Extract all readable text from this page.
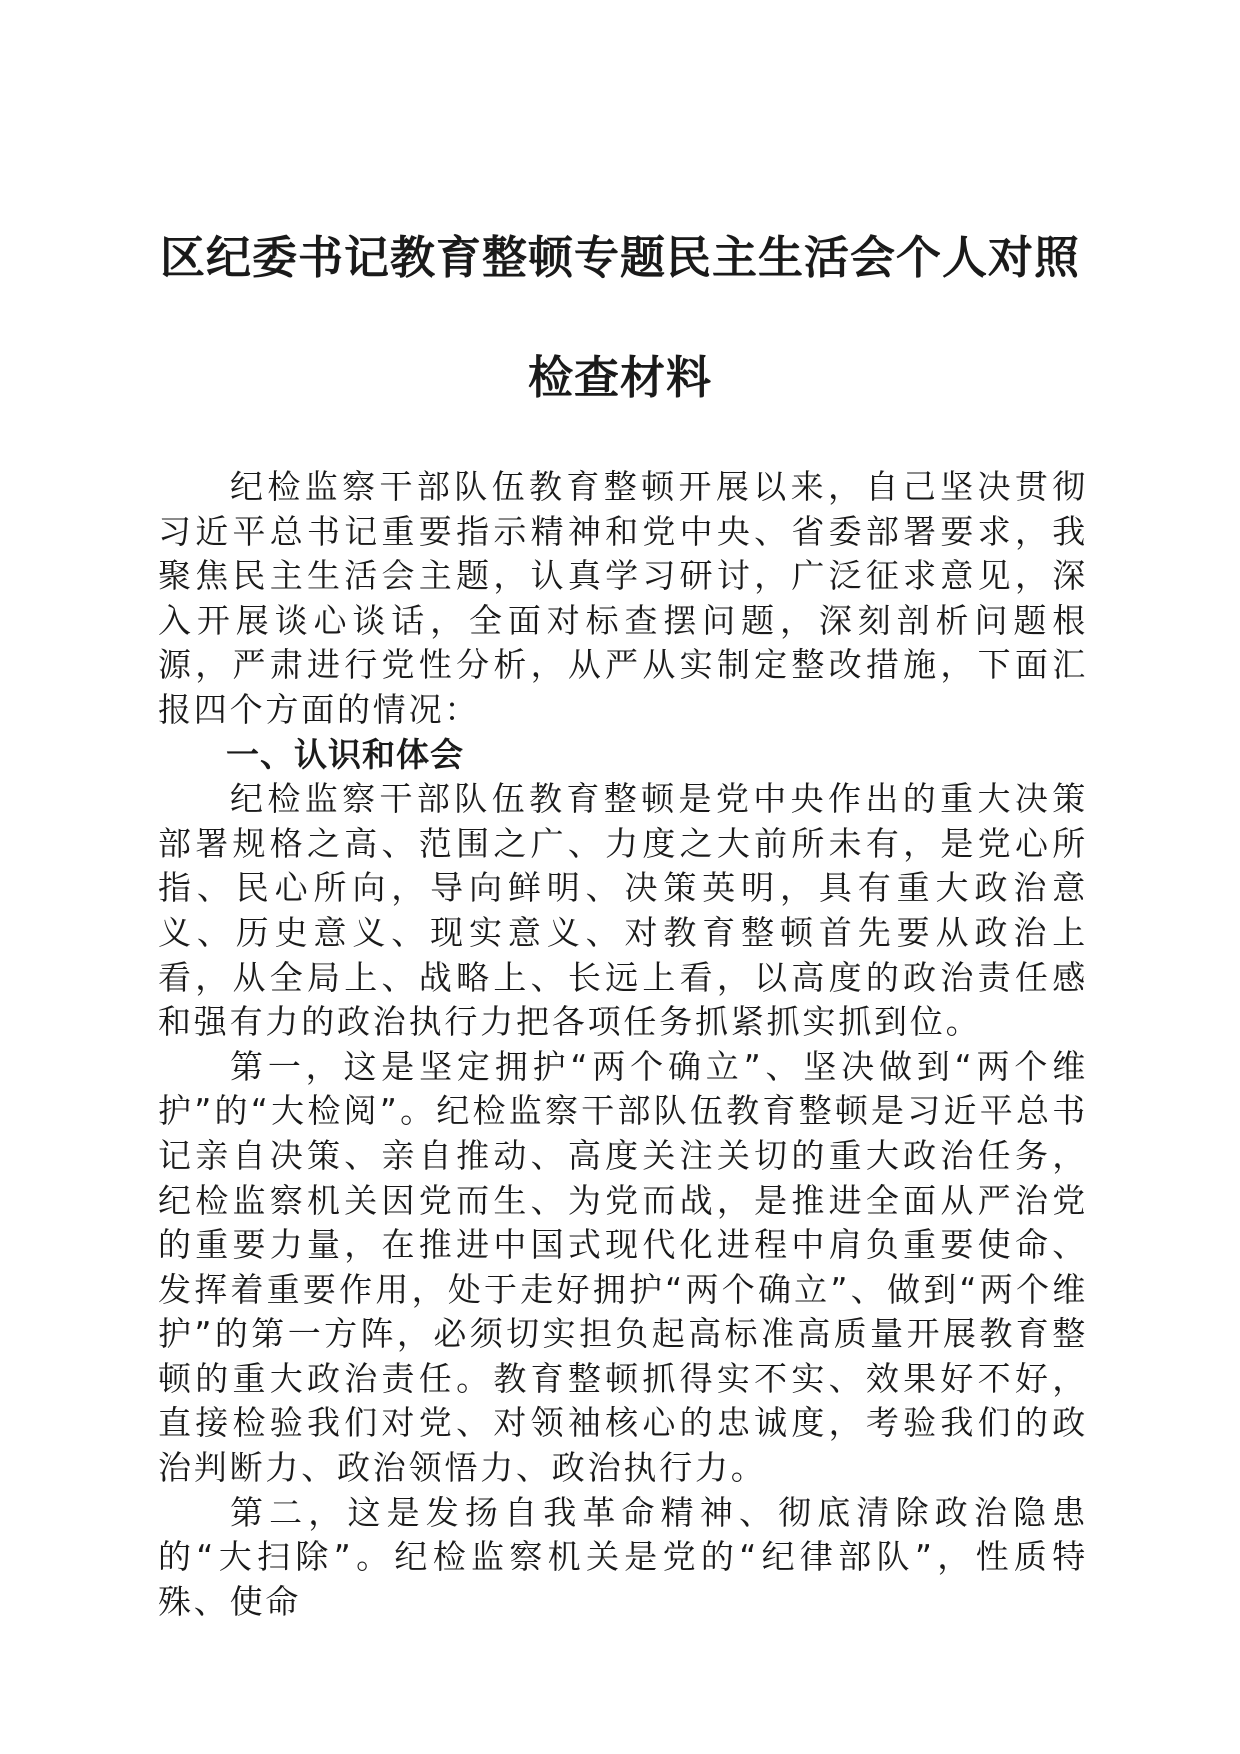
区纪委书记教育整顿专题民主生活会个人对照
检查材料

纪检监察干部队伍教育整顿开展以来，自己坚决贯彻习近平总书记重要指示精神和党中央、省委部署要求，我聚焦民主生活会主题，认真学习研讨，广泛征求意见，深入开展谈心谈话，全面对标查摆问题，深刻剖析问题根源，严肃进行党性分析，从严从实制定整改措施，下面汇报四个方面的情况：

一、认识和体会

纪检监察干部队伍教育整顿是党中央作出的重大决策部署规格之高、范围之广、力度之大前所未有，是党心所指、民心所向，导向鲜明、决策英明，具有重大政治意义、历史意义、现实意义、对教育整顿首先要从政治上看，从全局上、战略上、长远上看，以高度的政治责任感和强有力的政治执行力把各项任务抓紧抓实抓到位。

第一，这是坚定拥护“两个确立”、坚决做到“两个维护”的“大检阅”。纪检监察干部队伍教育整顿是习近平总书记亲自决策、亲自推动、高度关注关切的重大政治任务，纪检监察机关因党而生、为党而战，是推进全面从严治党的重要力量，在推进中国式现代化进程中肩负重要使命、发挥着重要作用，处于走好拥护“两个确立”、做到“两个维护”的第一方阵，必须切实担负起高标准高质量开展教育整顿的重大政治责任。教育整顿抓得实不实、效果好不好，直接检验我们对党、对领袖核心的忠诚度，考验我们的政治判断力、政治领悟力、政治执行力。

第二，这是发扬自我革命精神、彻底清除政治隐患的“大扫除”。纪检监察机关是党的“纪律部队”，性质特殊、使命
